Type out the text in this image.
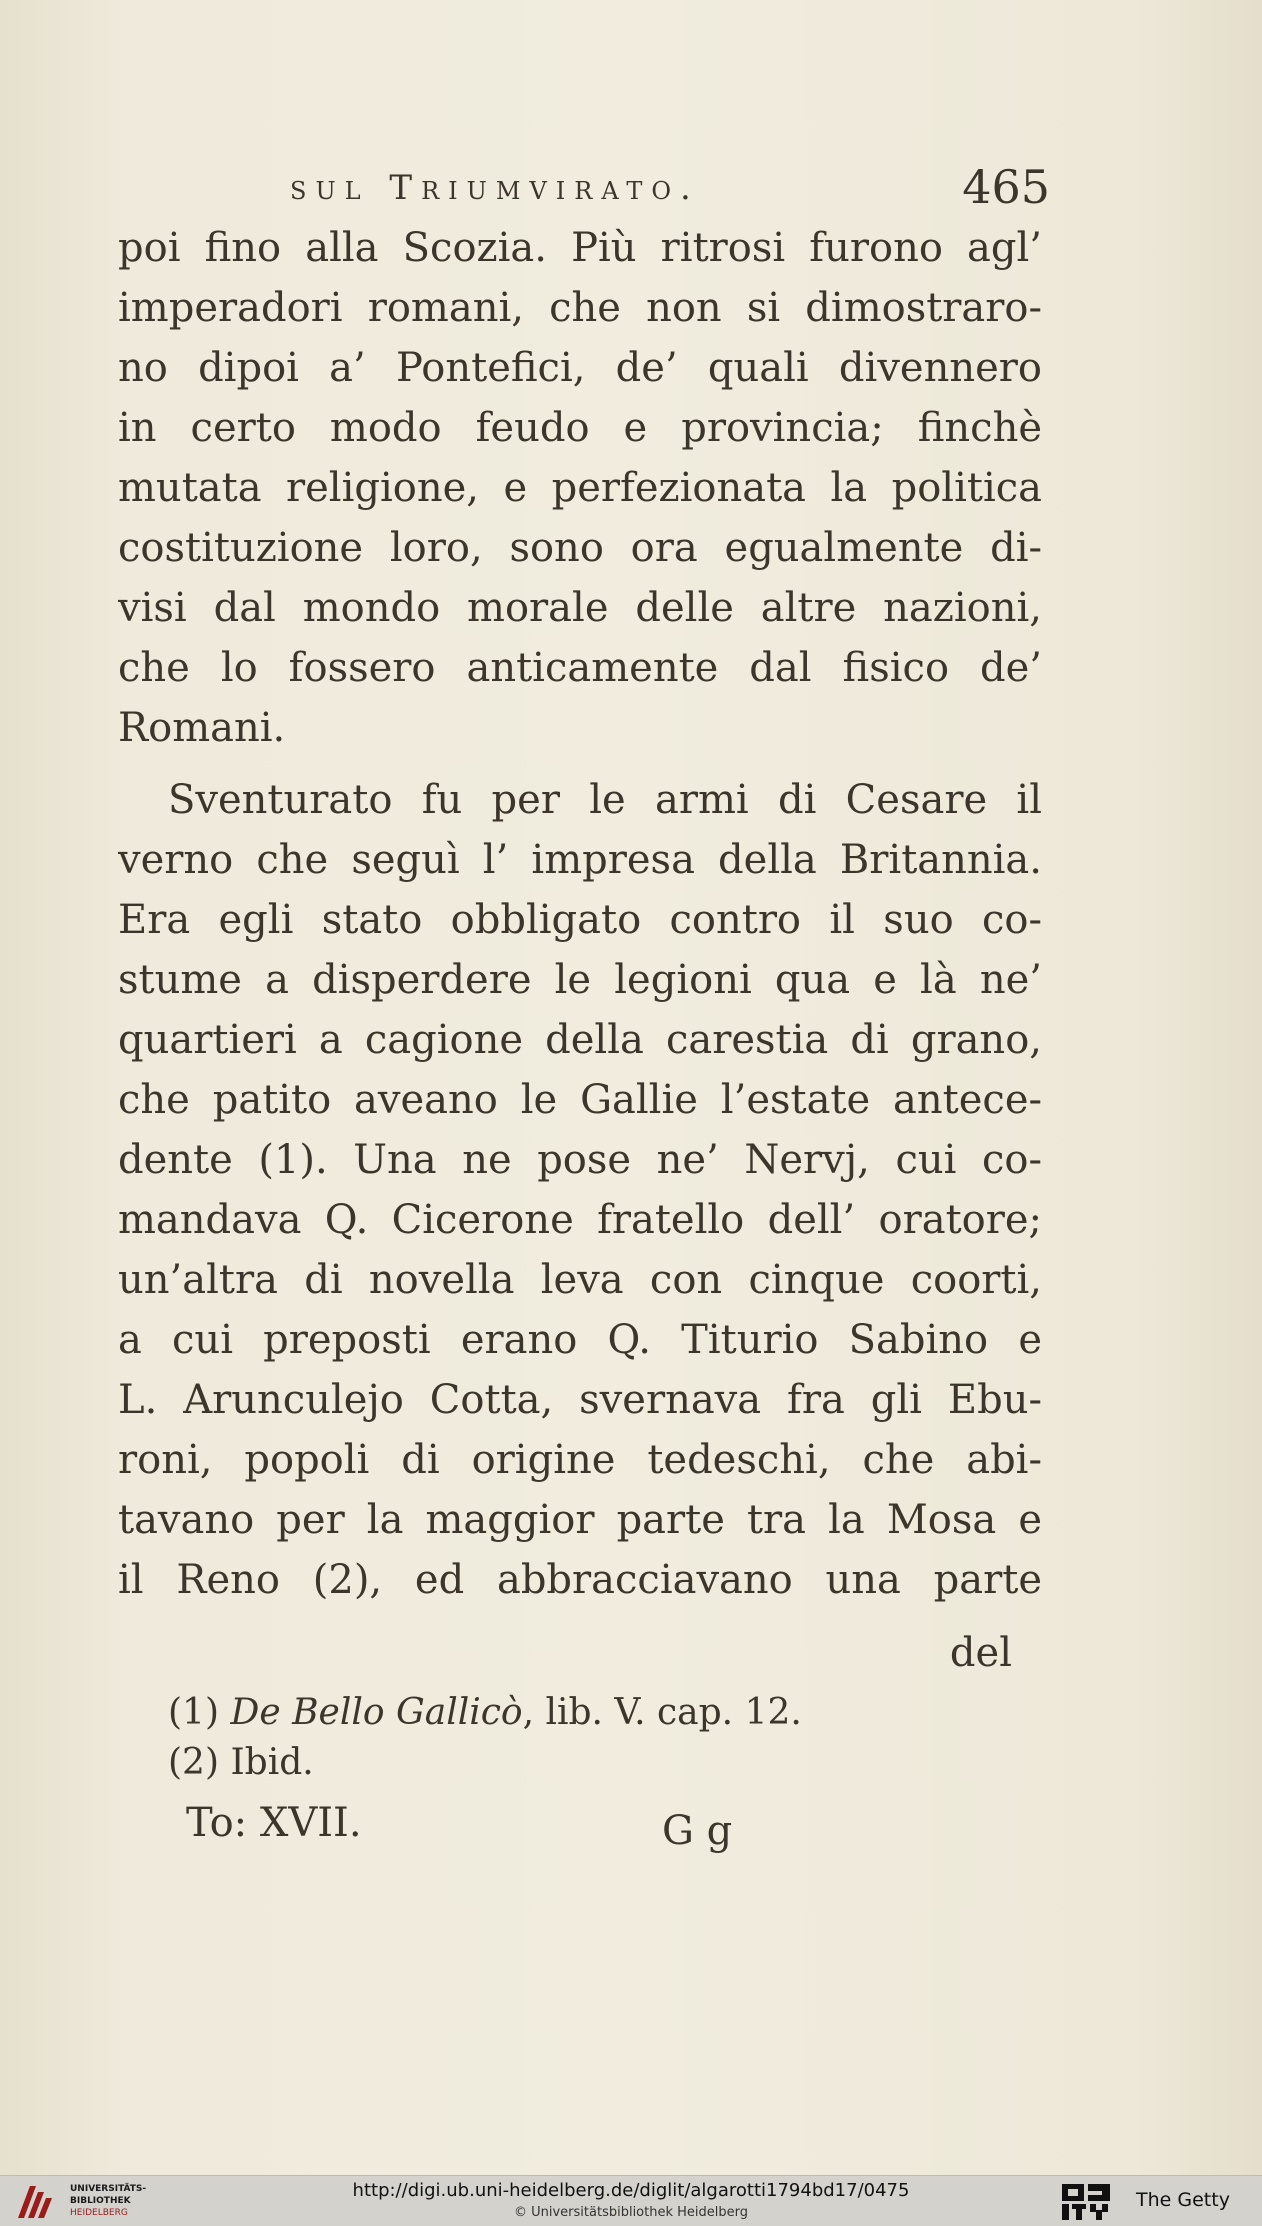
sul Triumvirato.	465
poi fino alla Scozia. Più ritrosi furono agl’
imperadori romani, che non si dimostraro-
no dipoi a’ Pontefici, de’ quali divennero
in certo modo feudo e provincia; finchè
mutata religione, e perfezionata la politica
costituzione loro, sono ora egualmente di-
visi dal mondo morale delle altre nazioni,
che lo fossero anticamente dal fisico de’
Romani.
Sventurato fu per le armi di Cesare il
verno che seguì l’ impresa della Britannia.
Era egli stato obbligato contro il suo co-
stume a disperdere le legioni qua e là ne’
quartieri a cagione della carestia di grano,
che patito aveano le Gallie l’estate antece-
dente (1). Una ne pose ne’ Nervj, cui co-
mandava Q. Cicerone fratello dell’ oratore;
un’altra di novella leva con cinque coorti,
a cui preposti erano Q. Titurio Sabino e
L. Arunculejo Cotta, svernava fra gli Ebu-
roni, popoli di origine tedeschi, che abi-
tavano per la maggior parte tra la Mosa e
il Reno (2), ed abbracciavano una parte
del
(1) De Bello Gallicò, lib. V. cap. 12.
(2) Ibid.
To: XVII.	G g
UNIVERSITÄTS-
BIBLIOTHEK
HEIDELBERG
http://digi.ub.uni-heidelberg.de/diglit/algarotti1794bd17/0475
© Universitätsbibliothek Heidelberg
The Getty
